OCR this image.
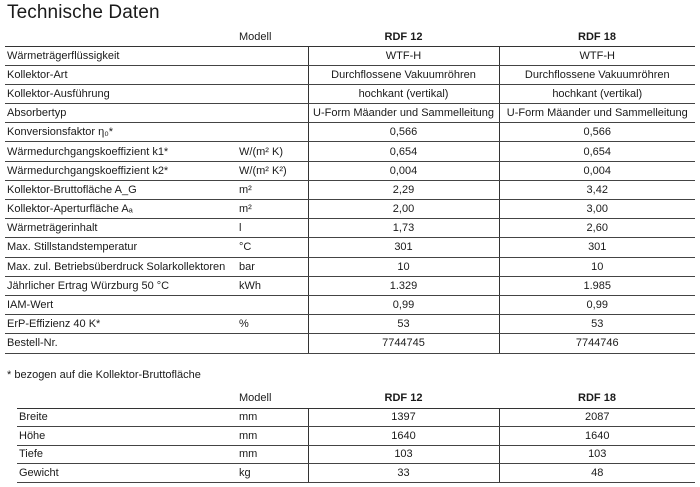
Technische Daten
	Modell	RDF 12	RDF 18
Wärmeträgerflüssigkeit		WTF-H	WTF-H
Kollektor-Art		Durchflossene Vakuumröhren	Durchflossene Vakuumröhren
Kollektor-Ausführung		hochkant (vertikal)	hochkant (vertikal)
Absorbertyp		U-Form Mäander und Sammelleitung	U-Form Mäander und Sammelleitung
Konversionsfaktor η₀*		0,566	0,566
Wärmedurchgangskoeffizient k1*	W/(m² K)	0,654	0,654
Wärmedurchgangskoeffizient k2*	W/(m² K²)	0,004	0,004
Kollektor-Bruttofläche A_G	m²	2,29	3,42
Kollektor-Aperturfläche Aₐ	m²	2,00	3,00
Wärmeträgerinhalt	l	1,73	2,60
Max. Stillstandstemperatur	°C	301	301
Max. zul. Betriebsüberdruck Solarkollektoren	bar	10	10
Jährlicher Ertrag Würzburg 50 °C	kWh	1.329	1.985
IAM-Wert		0,99	0,99
ErP-Effizienz 40 K*	%	53	53
Bestell-Nr.		7744745	7744746
* bezogen auf die Kollektor-Bruttofläche
	Modell	RDF 12	RDF 18
Breite	mm	1397	2087
Höhe	mm	1640	1640
Tiefe	mm	103	103
Gewicht	kg	33	48
